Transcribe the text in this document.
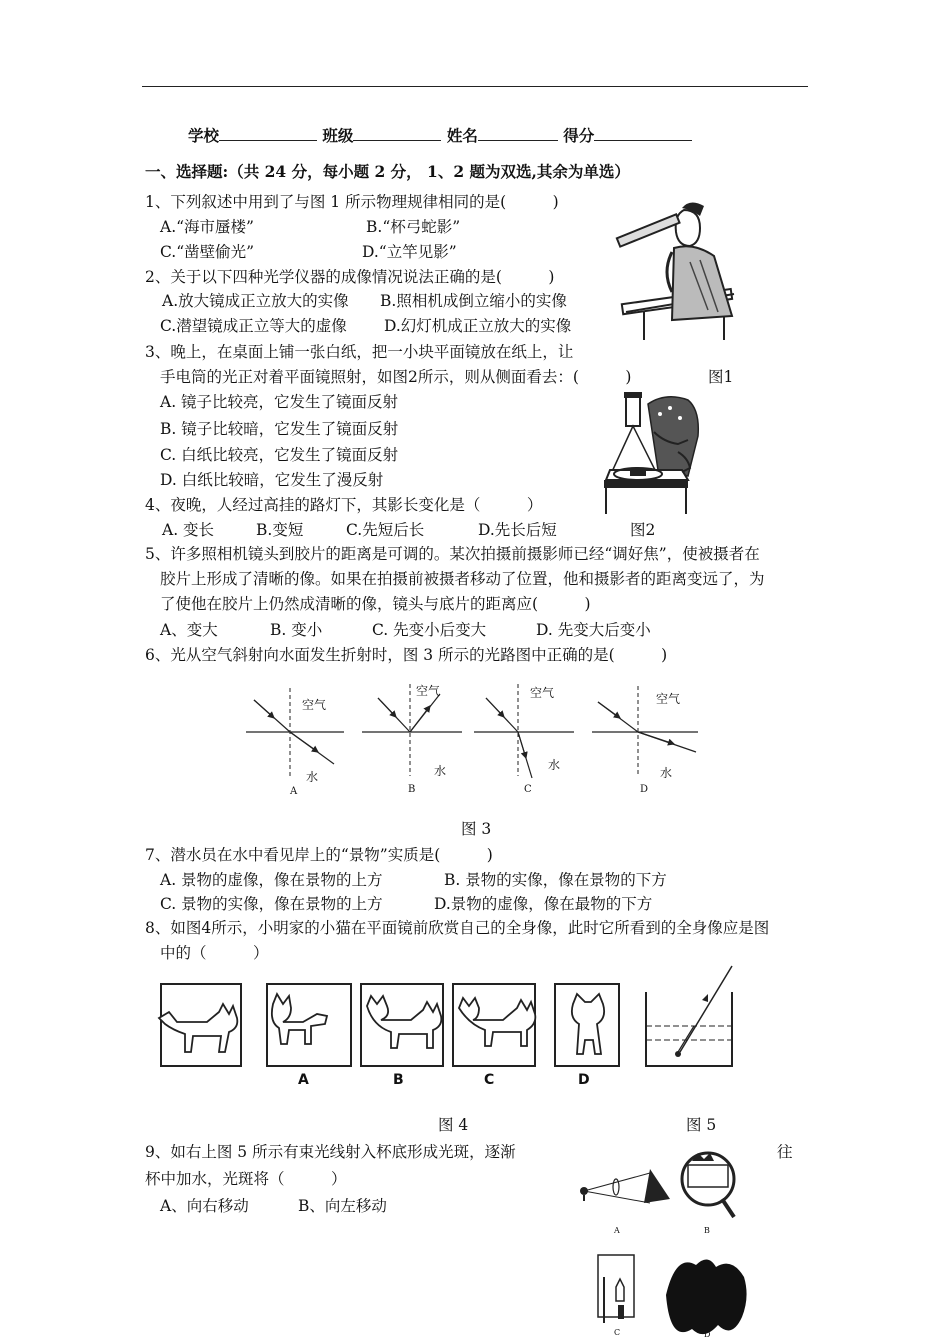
学校	班级	姓名	得分
一、选择题:（共 24 分，每小题 2 分， 1、2 题为双选,其余为单选）
1、下列叙述中用到了与图 1 所示物理规律相同的是(　　　)
A.“海市蜃楼”	B.“杯弓蛇影”
C.“凿壁偷光”	D.“立竿见影”
2、关于以下四种光学仪器的成像情况说法正确的是(　　　)
A.放大镜成正立放大的实像 B.照相机成倒立缩小的实像
C.潜望镜成正立等大的虚像 D.幻灯机成正立放大的实像
3、晚上，在桌面上铺一张白纸，把一小块平面镜放在纸上，让
手电筒的光正对着平面镜照射，如图2所示，则从侧面看去：(　　　)	图1
A. 镜子比较亮，它发生了镜面反射
B. 镜子比较暗，它发生了镜面反射
C. 白纸比较亮，它发生了镜面反射
D. 白纸比较暗，它发生了漫反射
4、夜晚，人经过高挂的路灯下，其影长变化是（　　　）
A. 变长	B.变短	C.先短后长	D.先长后短	图2
5、许多照相机镜头到胶片的距离是可调的。某次拍摄前摄影师已经“调好焦”，使被摄者在
胶片上形成了清晰的像。如果在拍摄前被摄者移动了位置，他和摄影者的距离变远了，为
了使他在胶片上仍然成清晰的像，镜头与底片的距离应(　　　)
A、变大	B. 变小	C. 先变小后变大	D. 先变大后变小
6、光从空气斜射向水面发生折射时，图 3 所示的光路图中正确的是(　　　)
空气
空气	空气	空气
水	水	水
水
A	B	C	D
图 3
7、潜水员在水中看见岸上的“景物”实质是(　　　)
A. 景物的虚像，像在景物的上方	B. 景物的实像，像在景物的下方
C. 景物的实像，像在景物的上方	D.景物的虚像，像在最物的下方
8、如图4所示，小明家的小猫在平面镜前欣赏自己的全身像，此时它所看到的全身像应是图
中的（　　　）
A	B	C	D
图 4	图 5
9、如右上图 5 所示有束光线射入杯底形成光斑，逐渐	往
杯中加水，光斑将（　　　）
A、向右移动	B、向左移动
A	B
C	D
